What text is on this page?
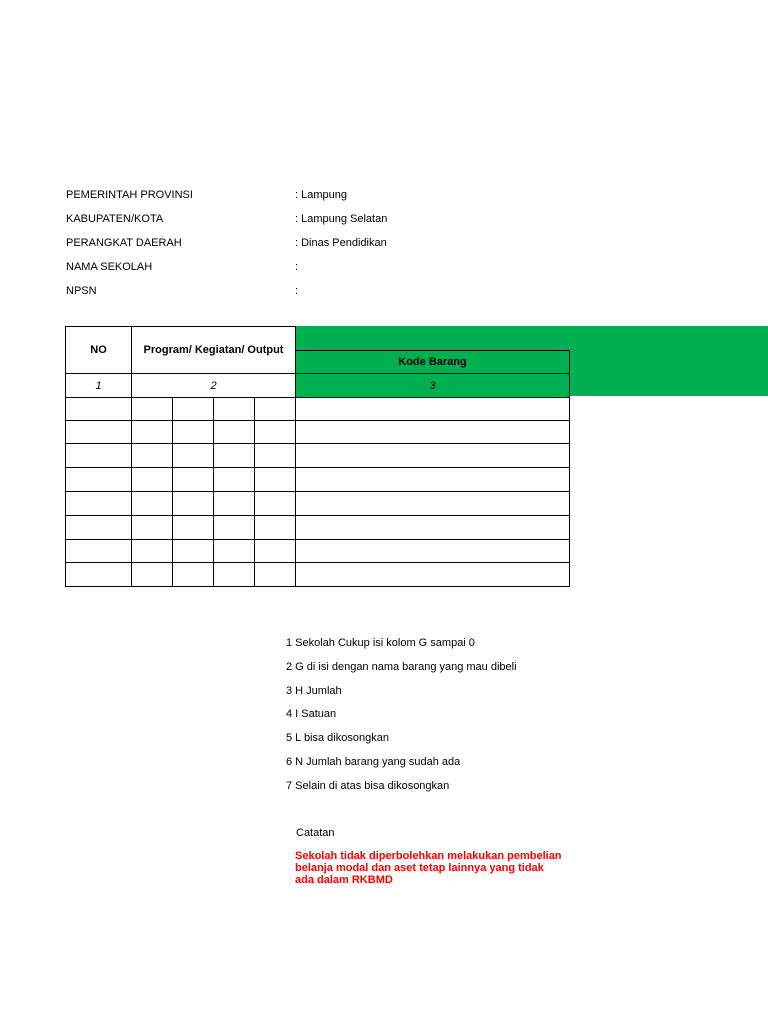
PEMERINTAH PROVINSI	: Lampung
KABUPATEN/KOTA	: Lampung Selatan
PERANGKAT DAERAH	: Dinas Pendidikan
NAMA SEKOLAH	:
NPSN	:
NO	Program/ Kegiatan/ Output				
					Kode Barang
1	2				3

1 Sekolah Cukup isi kolom G sampai 0
2 G di isi dengan nama barang yang mau dibeli
3 H Jumlah
4 I Satuan
5 L bisa dikosongkan
6 N Jumlah barang yang sudah ada
7 Selain di atas bisa dikosongkan
Catatan
Sekolah tidak diperbolehkan melakukan pembelian belanja modal dan aset tetap lainnya yang tidak ada dalam RKBMD
